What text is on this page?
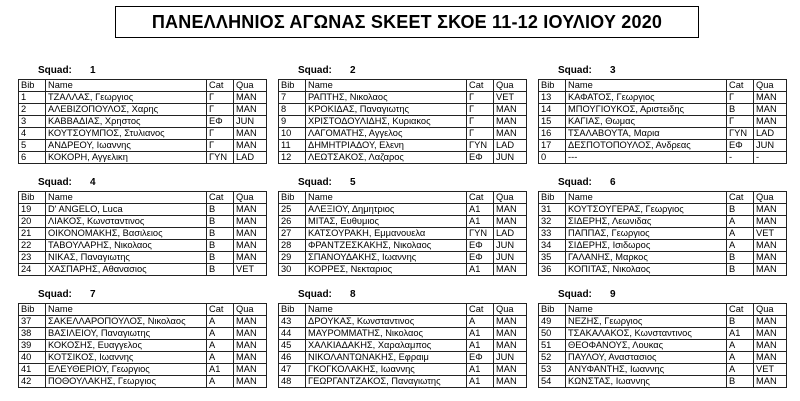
ΠΑΝΕΛΛΗΝΙΟΣ ΑΓΩΝΑΣ SKEET ΣΚΟΕ 11-12 ΙΟΥΛΙΟΥ 2020
Squad: 1
Bib	Name	Cat	Qua
1	ΤΖΑΛΛΑΣ, Γεωργιος	Γ	MAN
2	ΑΛΕΒΙΖΟΠΟΥΛΟΣ, Χαρης	Γ	MAN
3	ΚΑΒΒΑΔΙΑΣ, Χρηστος	ΕΦ	JUN
4	ΚΟΥΤΣΟΥΜΠΟΣ, Στυλιανος	Γ	MAN
5	ΑΝΔΡΕΟΥ, Ιωαννης	Γ	MAN
6	ΚΟΚΟΡΗ, Αγγελικη	ΓΥΝ	LAD
Squad: 2
Bib	Name	Cat	Qua
7	ΡΑΠΤΗΣ, Νικολαος	Γ	VET
8	ΚΡΟΚΙΔΑΣ, Παναγιωτης	Γ	MAN
9	ΧΡΙΣΤΟΔΟΥΛΙΔΗΣ, Κυριακος	Γ	MAN
10	ΛΑΓΟΜΑΤΗΣ, Αγγελος	Γ	MAN
11	ΔΗΜΗΤΡΙΑΔΟΥ, Ελενη	ΓΥΝ	LAD
12	ΛΕΩΤΣΑΚΟΣ, Λαζαρος	ΕΦ	JUN
Squad: 3
Bib	Name	Cat	Qua
13	ΚΑΦΑΤΟΣ, Γεωργιος	Γ	MAN
14	ΜΠΟΥΓΙΟΥΚΟΣ, Αριστειδης	Β	MAN
15	ΚΑΓΙΑΣ, Θωμας	Γ	MAN
16	ΤΣΑΛΑΒΟΥΤΑ, Μαρια	ΓΥΝ	LAD
17	ΔΕΣΠΟΤΟΠΟΥΛΟΣ, Ανδρεας	ΕΦ	JUN
0	---	-	-
Squad: 4
Bib	Name	Cat	Qua
19	D' ANGELO, Luca	Β	MAN
20	ΛΙΑΚΟΣ, Κωνσταντινος	Β	MAN
21	ΟΙΚΟΝΟΜΑΚΗΣ, Βασιλειος	Β	MAN
22	ΤΑΒΟΥΛΑΡΗΣ, Νικολαος	Β	MAN
23	ΝΙΚΑΣ, Παναγιωτης	Β	MAN
24	ΧΑΣΠΑΡΗΣ, Αθανασιος	Β	VET
Squad: 5
Bib	Name	Cat	Qua
25	ΑΛΕΞΙΟΥ, Δημητριος	Α1	MAN
26	ΜΙΤΑΣ, Ευθυμιος	Α1	MAN
27	ΚΑΤΣΟΥΡΑΚΗ, Εμμανουελα	ΓΥΝ	LAD
28	ΦΡΑΝΤΖΕΣΚΑΚΗΣ, Νικολαος	ΕΦ	JUN
29	ΣΠΑΝΟΥΔΑΚΗΣ, Ιωαννης	ΕΦ	JUN
30	ΚΟΡΡΕΣ, Νεκταριος	Α1	MAN
Squad: 6
Bib	Name	Cat	Qua
31	ΚΟΥΤΣΟΥΓΕΡΑΣ, Γεωργιος	Β	MAN
32	ΣΙΔΕΡΗΣ, Λεωνιδας	Α	MAN
33	ΠΑΠΠΑΣ, Γεωργιος	Α	VET
34	ΣΙΔΕΡΗΣ, Ισιδωρος	Α	MAN
35	ΓΑΛΑΝΗΣ, Μαρκος	Β	MAN
36	ΚΟΠΙΤΑΣ, Νικολαος	Β	MAN
Squad: 7
Bib	Name	Cat	Qua
37	ΣΑΚΕΛΛΑΡΟΠΟΥΛΟΣ, Νικολαος	Α	MAN
38	ΒΑΣΙΛΕΙΟΥ, Παναγιωτης	Α	MAN
39	ΚΟΚΟΣΗΣ, Ευαγγελος	Α	MAN
40	ΚΟΤΣΙΚΟΣ, Ιωαννης	Α	MAN
41	ΕΛΕΥΘΕΡΙΟΥ, Γεωργιος	Α1	MAN
42	ΠΟΘΟΥΛΑΚΗΣ, Γεωργιος	Α	MAN
Squad: 8
Bib	Name	Cat	Qua
43	ΔΡΟΥΚΑΣ, Κωνσταντινος	Α	MAN
44	ΜΑΥΡΟΜΜΑΤΗΣ, Νικολαος	Α1	MAN
45	ΧΑΛΚΙΑΔΑΚΗΣ, Χαραλαμπος	Α1	MAN
46	ΝΙΚΟΛΑΝΤΩΝΑΚΗΣ, Εφραιμ	ΕΦ	JUN
47	ΓΚΟΓΚΟΛΑΚΗΣ, Ιωαννης	Α1	MAN
48	ΓΕΩΡΓΑΝΤΖΑΚΟΣ, Παναγιωτης	Α1	MAN
Squad: 9
Bib	Name	Cat	Qua
49	ΝΕΖΗΣ, Γεωργιος	Β	MAN
50	ΤΣΑΚΑΛΑΚΟΣ, Κωνσταντινος	Α1	MAN
51	ΘΕΟΦΑΝΟΥΣ, Λουκας	Α	MAN
52	ΠΑΥΛΟΥ, Αναστασιος	Α	MAN
53	ΑΝΥΦΑΝΤΗΣ, Ιωαννης	Α	VET
54	ΚΩΝΣΤΑΣ, Ιωαννης	Β	MAN
